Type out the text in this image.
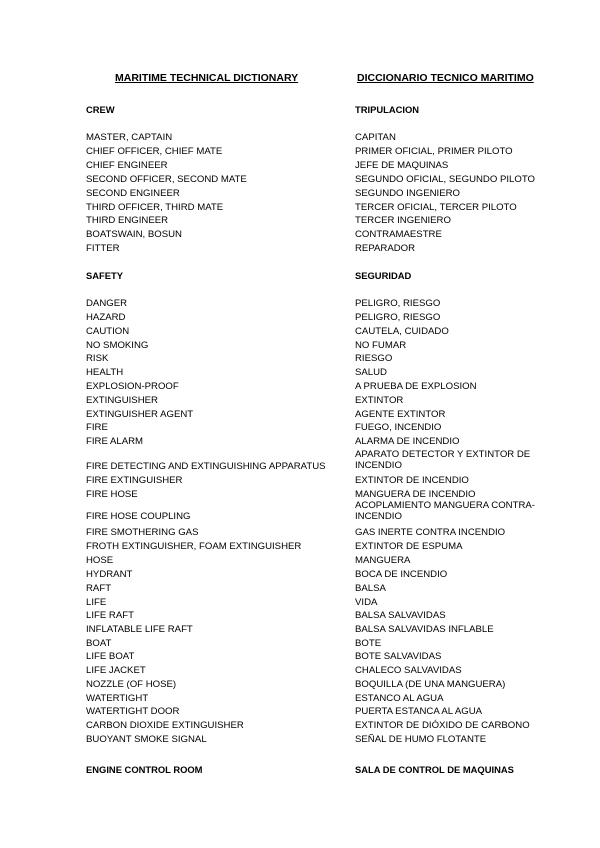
MARITIME TECHNICAL DICTIONARY	DICCIONARIO TECNICO MARITIMO
CREW
MASTER, CAPTAIN
CHIEF OFFICER, CHIEF MATE
CHIEF ENGINEER
SECOND OFFICER, SECOND MATE
SECOND ENGINEER
THIRD OFFICER, THIRD MATE
THIRD ENGINEER
BOATSWAIN, BOSUN
FITTER
SAFETY
DANGER
HAZARD
CAUTION
NO SMOKING
RISK
HEALTH
EXPLOSION-PROOF
EXTINGUISHER
EXTINGUISHER AGENT
FIRE
FIRE ALARM
FIRE DETECTING AND EXTINGUISHING APPARATUS
FIRE EXTINGUISHER
FIRE HOSE
FIRE HOSE COUPLING
FIRE SMOTHERING GAS
FROTH EXTINGUISHER, FOAM EXTINGUISHER
HOSE
HYDRANT
RAFT
LIFE
LIFE RAFT
INFLATABLE LIFE RAFT
BOAT
LIFE BOAT
LIFE JACKET
NOZZLE (OF HOSE)
WATERTIGHT
WATERTIGHT DOOR
CARBON DIOXIDE EXTINGUISHER
BUOYANT SMOKE SIGNAL
ENGINE CONTROL ROOM
TRIPULACION
CAPITAN
PRIMER OFICIAL, PRIMER PILOTO
JEFE DE MAQUINAS
SEGUNDO OFICIAL, SEGUNDO PILOTO
SEGUNDO INGENIERO
TERCER OFICIAL, TERCER PILOTO
TERCER INGENIERO
CONTRAMAESTRE
REPARADOR
SEGURIDAD
PELIGRO, RIESGO
PELIGRO, RIESGO
CAUTELA, CUIDADO
NO FUMAR
RIESGO
SALUD
A PRUEBA DE EXPLOSION
EXTINTOR
AGENTE EXTINTOR
FUEGO, INCENDIO
ALARMA DE INCENDIO
APARATO DETECTOR Y EXTINTOR DE INCENDIO
EXTINTOR DE INCENDIO
MANGUERA DE INCENDIO
ACOPLAMIENTO MANGUERA CONTRA-INCENDIO
GAS INERTE CONTRA INCENDIO
EXTINTOR DE ESPUMA
MANGUERA
BOCA DE INCENDIO
BALSA
VIDA
BALSA SALVAVIDAS
BALSA SALVAVIDAS INFLABLE
BOTE
BOTE SALVAVIDAS
CHALECO SALVAVIDAS
BOQUILLA (DE UNA MANGUERA)
ESTANCO AL AGUA
PUERTA ESTANCA AL AGUA
EXTINTOR DE DIÓXIDO DE CARBONO
SEÑAL DE HUMO FLOTANTE
SALA DE CONTROL DE MAQUINAS
